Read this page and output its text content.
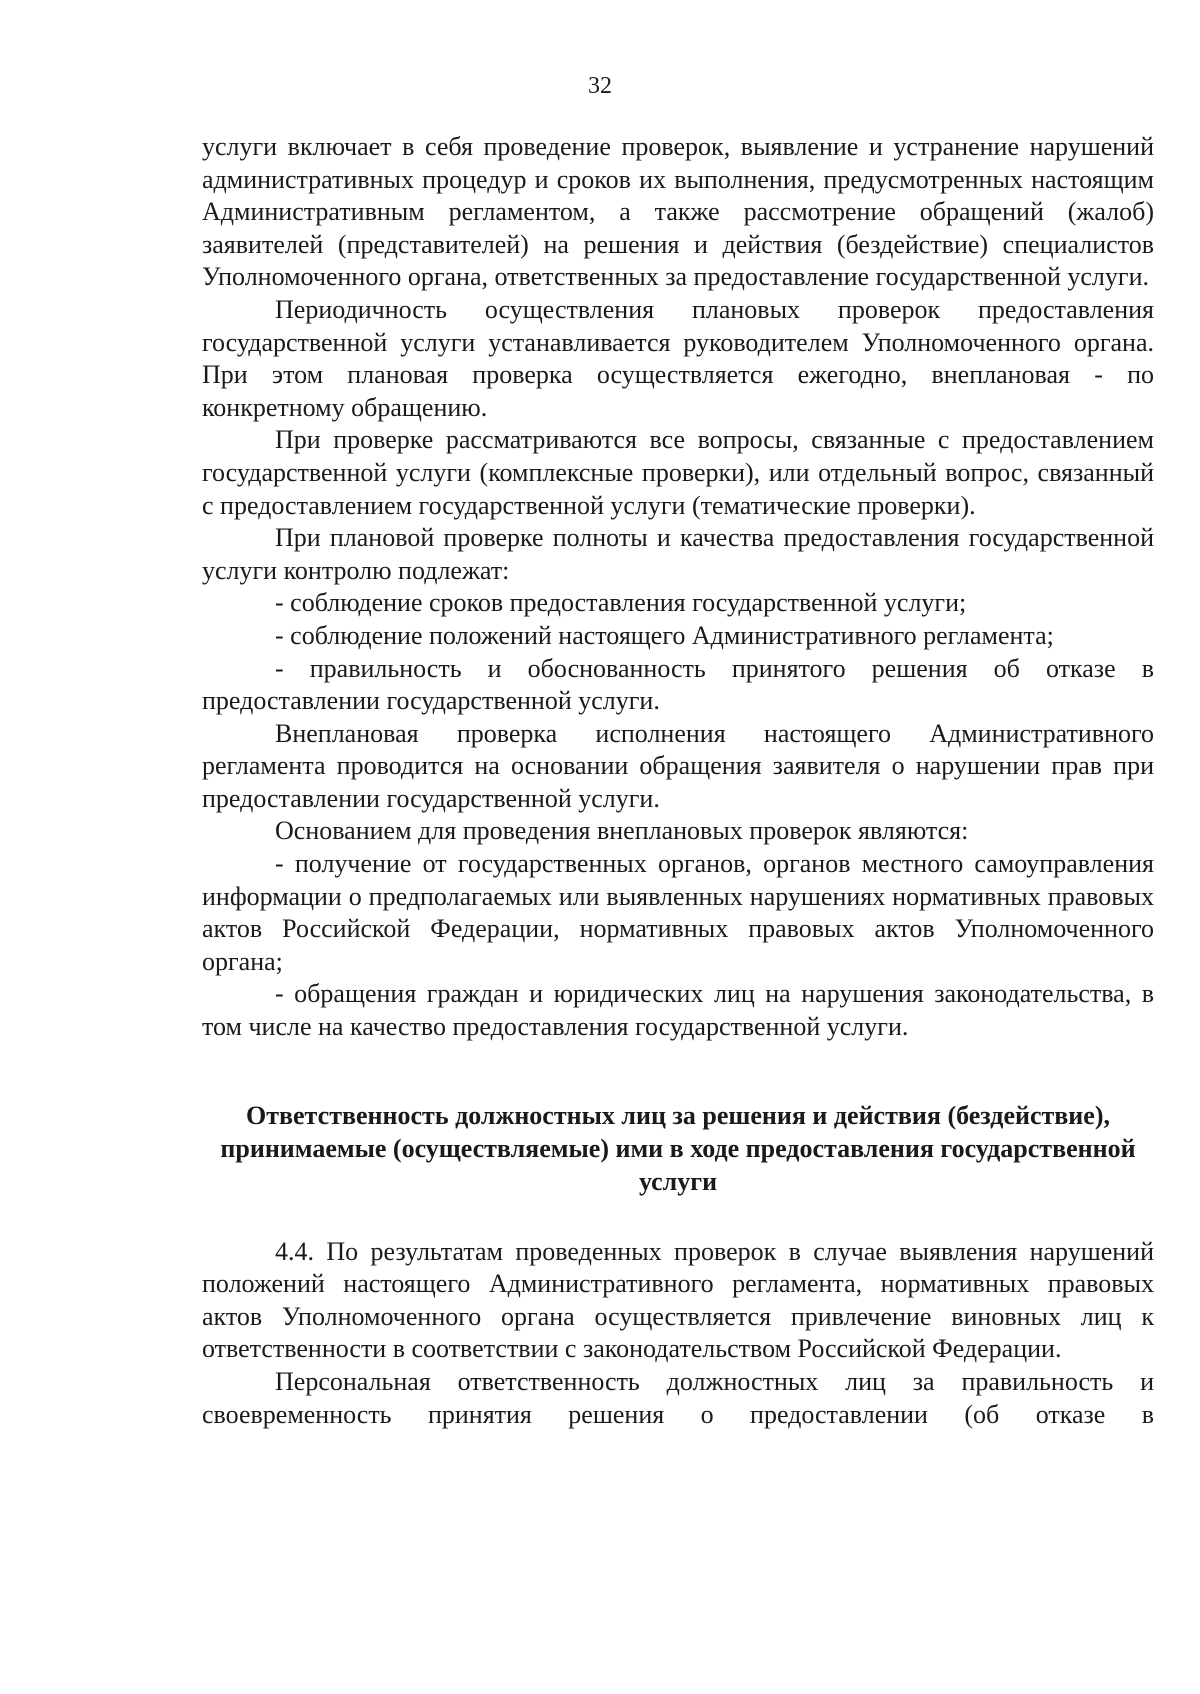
32

услуги включает в себя проведение проверок, выявление и устранение нарушений административных процедур и сроков их выполнения, предусмотренных настоящим Административным регламентом, а также рассмотрение обращений (жалоб) заявителей (представителей) на решения и действия (бездействие) специалистов Уполномоченного органа, ответственных за предоставление государственной услуги.

Периодичность осуществления плановых проверок предоставления государственной услуги устанавливается руководителем Уполномоченного органа. При этом плановая проверка осуществляется ежегодно, внеплановая - по конкретному обращению.

При проверке рассматриваются все вопросы, связанные с предоставлением государственной услуги (комплексные проверки), или отдельный вопрос, связанный с предоставлением государственной услуги (тематические проверки).

При плановой проверке полноты и качества предоставления государственной услуги контролю подлежат:

- соблюдение сроков предоставления государственной услуги;

- соблюдение положений настоящего Административного регламента;

- правильность и обоснованность принятого решения об отказе в предоставлении государственной услуги.

Внеплановая проверка исполнения настоящего Административного регламента проводится на основании обращения заявителя о нарушении прав при предоставлении государственной услуги.

Основанием для проведения внеплановых проверок являются:

- получение от государственных органов, органов местного самоуправления информации о предполагаемых или выявленных нарушениях нормативных правовых актов Российской Федерации, нормативных правовых актов Уполномоченного органа;

- обращения граждан и юридических лиц на нарушения законодательства, в том числе на качество предоставления государственной услуги.

Ответственность должностных лиц за решения и действия (бездействие), принимаемые (осуществляемые) ими в ходе предоставления государственной услуги

4.4. По результатам проведенных проверок в случае выявления нарушений положений настоящего Административного регламента, нормативных правовых актов Уполномоченного органа осуществляется привлечение виновных лиц к ответственности в соответствии с законодательством Российской Федерации.

Персональная ответственность должностных лиц за правильность и своевременность принятия решения о предоставлении (об отказе в
